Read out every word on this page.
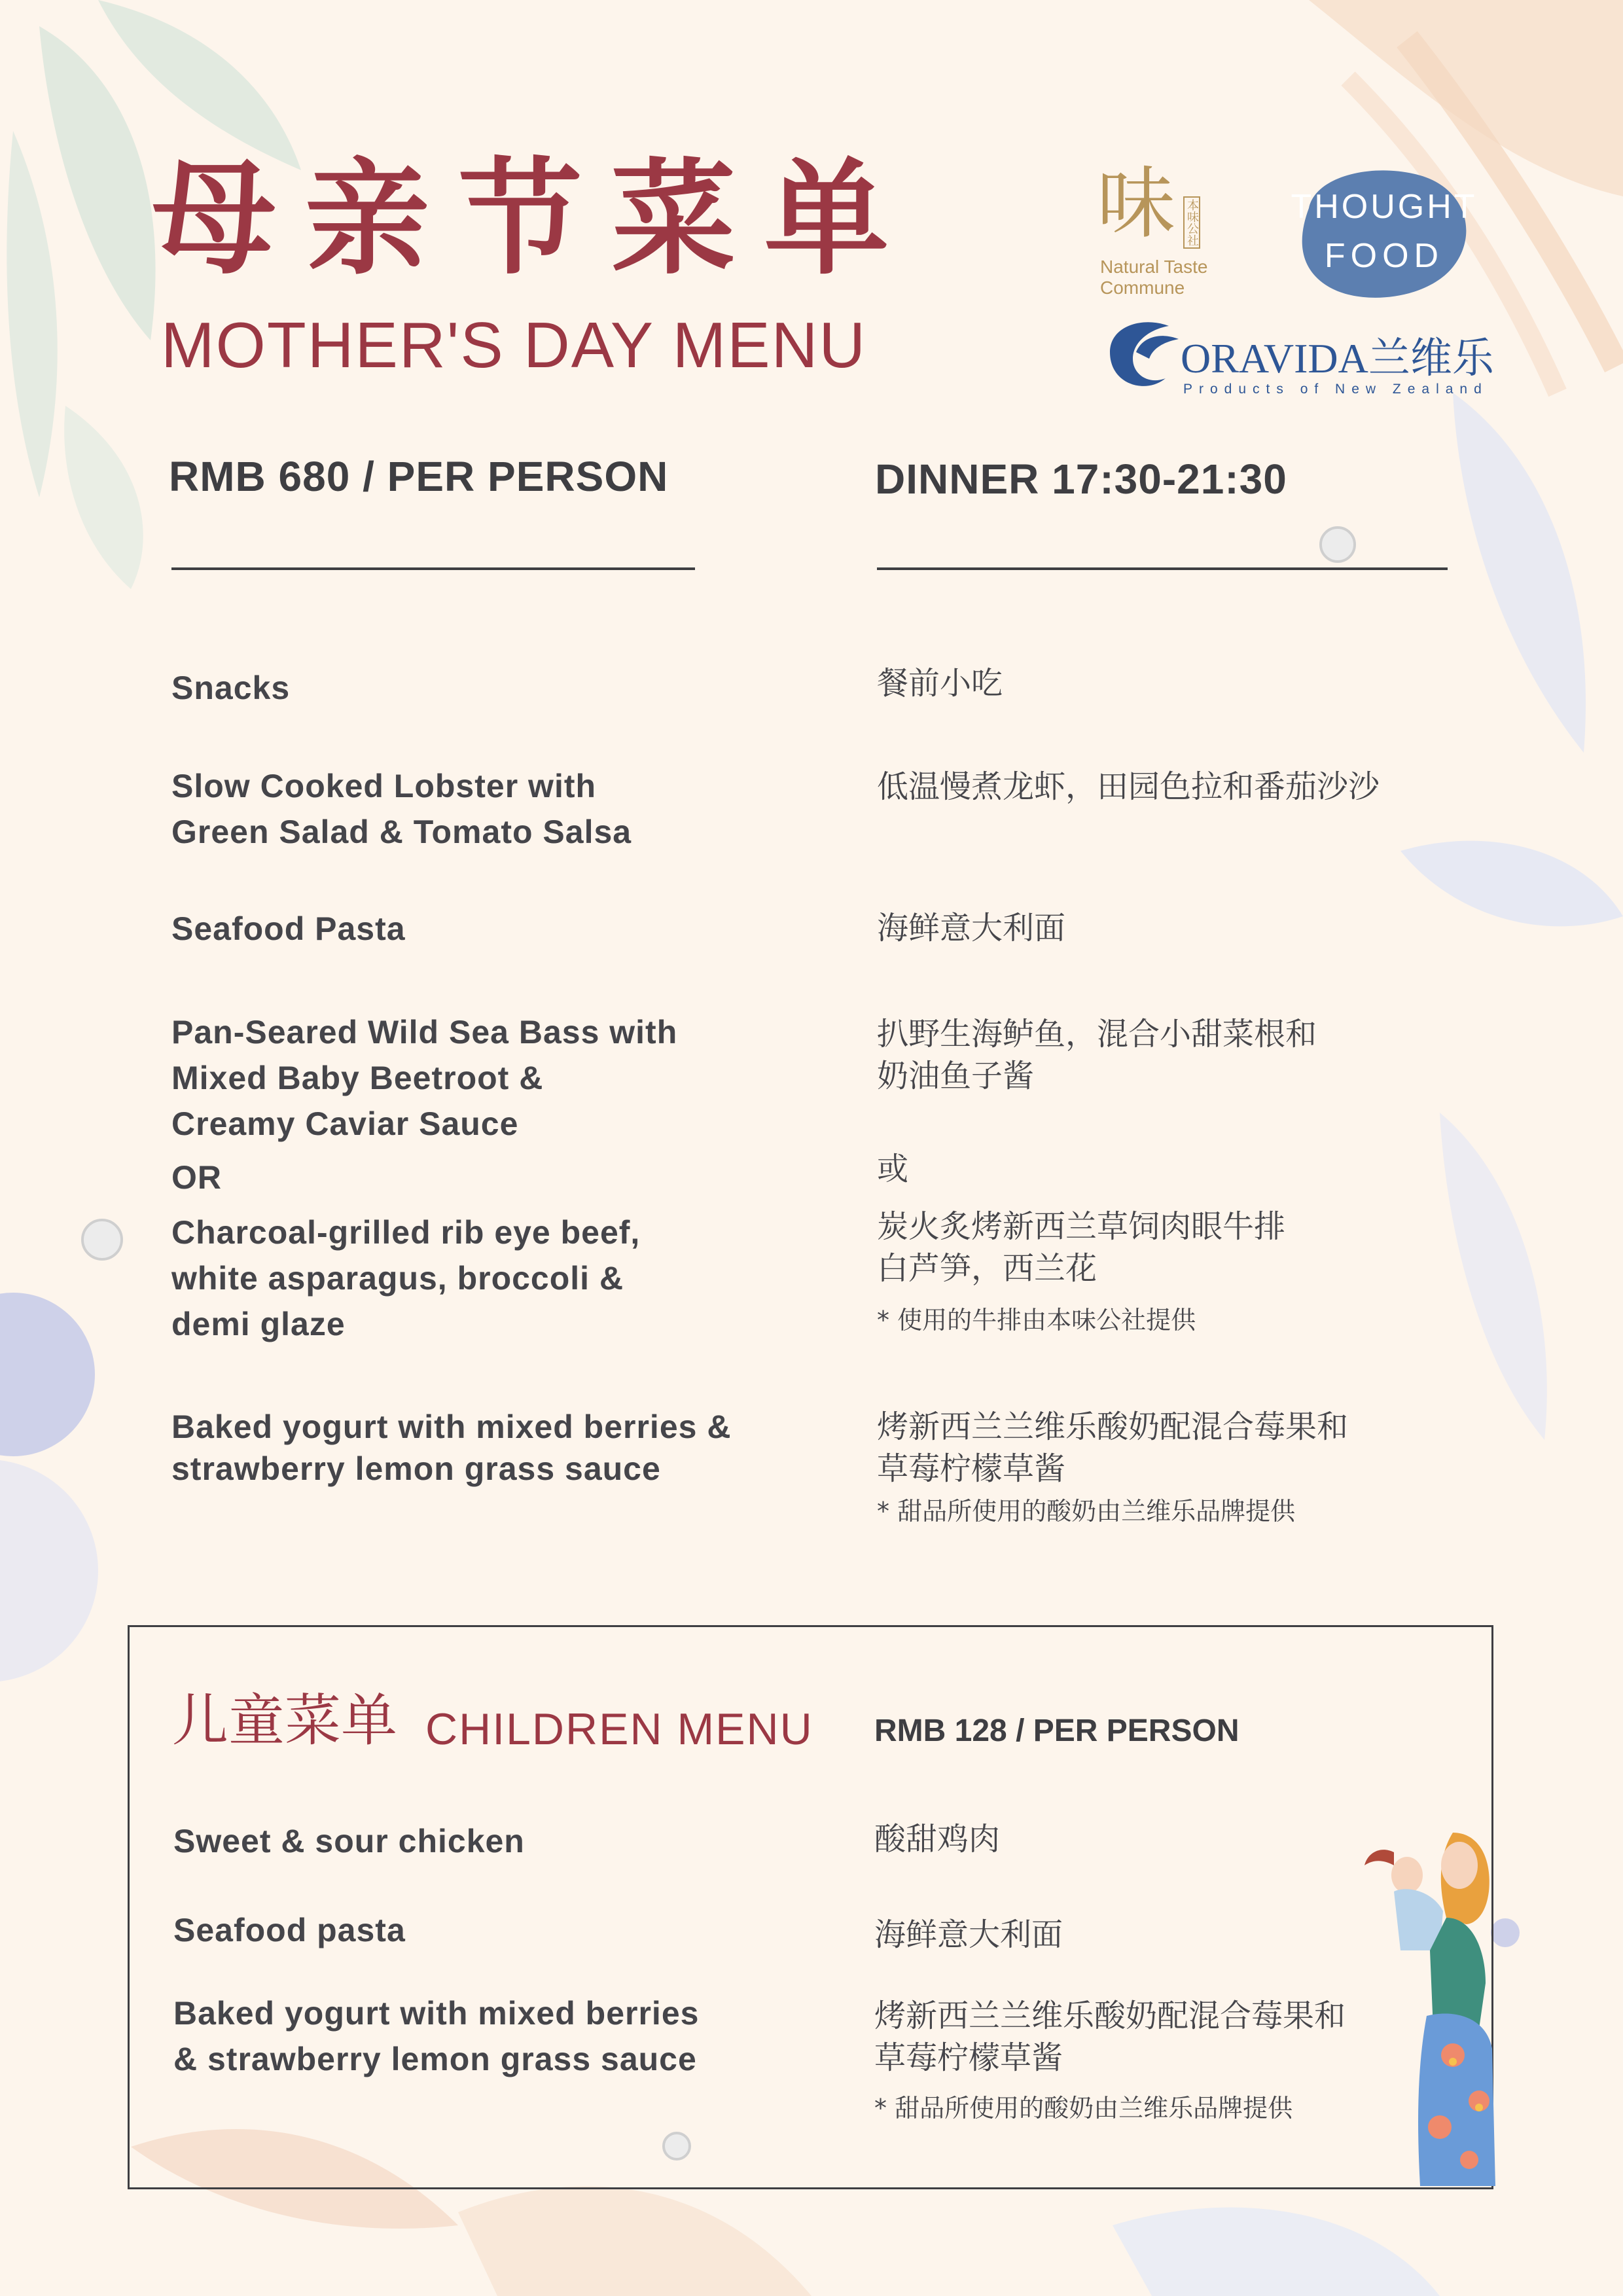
母亲节菜单
MOTHER'S DAY MENU
味 本味公社
Natural Taste
Commune
THOUGHT
FOOD
ORAVIDA兰维乐
Products of New Zealand
RMB 680 / PER PERSON	DINNER 17:30-21:30
Snacks
Slow Cooked Lobster with
Green Salad & Tomato Salsa
Seafood Pasta
Pan-Seared Wild Sea Bass with
Mixed Baby Beetroot &
Creamy Caviar Sauce
OR
Charcoal-grilled rib eye beef,
white asparagus, broccoli &
demi glaze
Baked yogurt with mixed berries &
strawberry lemon grass sauce
餐前小吃
低温慢煮龙虾，田园色拉和番茄沙沙
海鲜意大利面
扒野生海鲈鱼，混合小甜菜根和
奶油鱼子酱
或
炭火炙烤新西兰草饲肉眼牛排
白芦笋，西兰花
* 使用的牛排由本味公社提供
烤新西兰兰维乐酸奶配混合莓果和
草莓柠檬草酱
* 甜品所使用的酸奶由兰维乐品牌提供
儿童菜单 CHILDREN MENU RMB 128 / PER PERSON
Sweet & sour chicken
Seafood pasta
Baked yogurt with mixed berries
& strawberry lemon grass sauce
酸甜鸡肉
海鲜意大利面
烤新西兰兰维乐酸奶配混合莓果和
草莓柠檬草酱
* 甜品所使用的酸奶由兰维乐品牌提供
